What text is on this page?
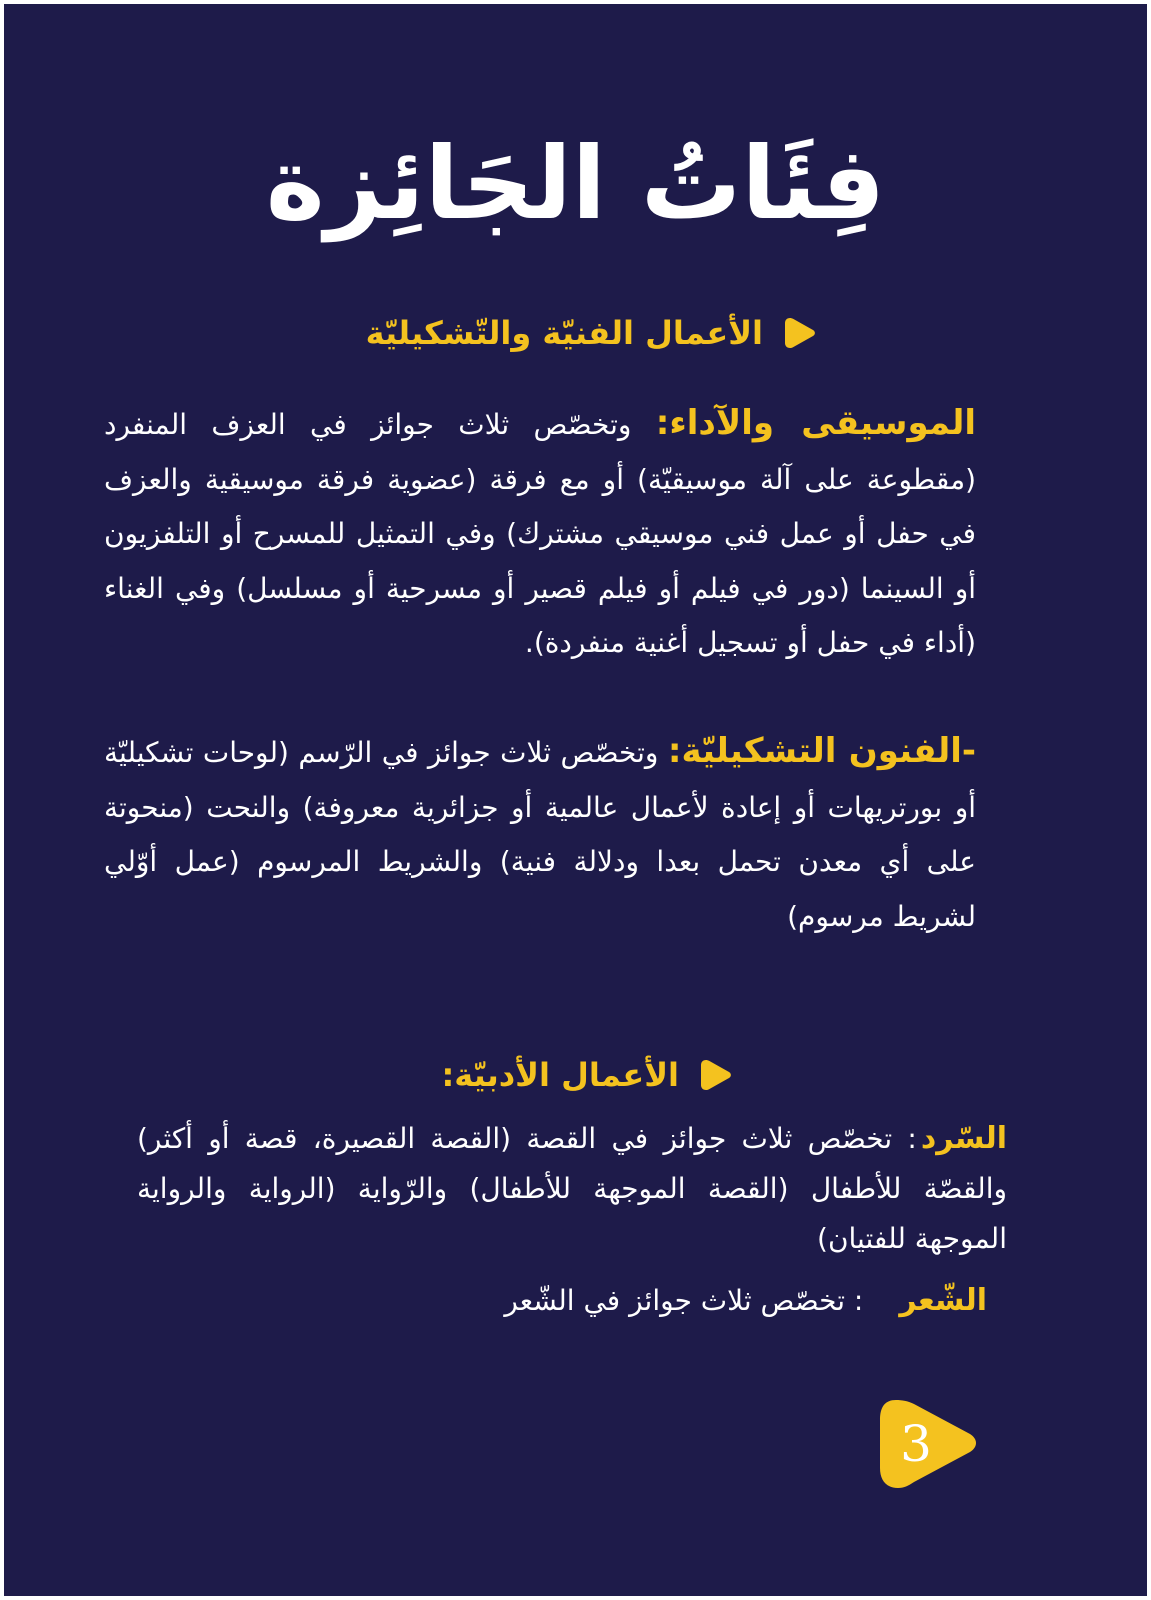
فِئَاتُ الجَائِزة
الأعمال الفنيّة والتّشكيليّة
الموسيقى والآداء: وتخصّص ثلاث جوائز في العزف المنفرد (مقطوعة على آلة موسيقيّة) أو مع فرقة (عضوية فرقة موسيقية والعزف في حفل أو عمل فني موسيقي مشترك) وفي التمثيل للمسرح أو التلفزيون أو السينما (دور في فيلم أو فيلم قصير أو مسرحية أو مسلسل) وفي الغناء (أداء في حفل أو تسجيل أغنية منفردة).
-الفنون التشكيليّة: وتخصّص ثلاث جوائز في الرّسم (لوحات تشكيليّة أو بورتريهات أو إعادة لأعمال عالمية أو جزائرية معروفة) والنحت (منحوتة على أي معدن تحمل بعدا ودلالة فنية) والشريط المرسوم (عمل أوّلي لشريط مرسوم)
الأعمال الأدبيّة:
السّرد: تخصّص ثلاث جوائز في القصة (القصة القصيرة، قصة أو أكثر) والقصّة للأطفال (القصة الموجهة للأطفال) والرّواية (الرواية والرواية الموجهة للفتيان)
الشّعر: تخصّص ثلاث جوائز في الشّعر
3
